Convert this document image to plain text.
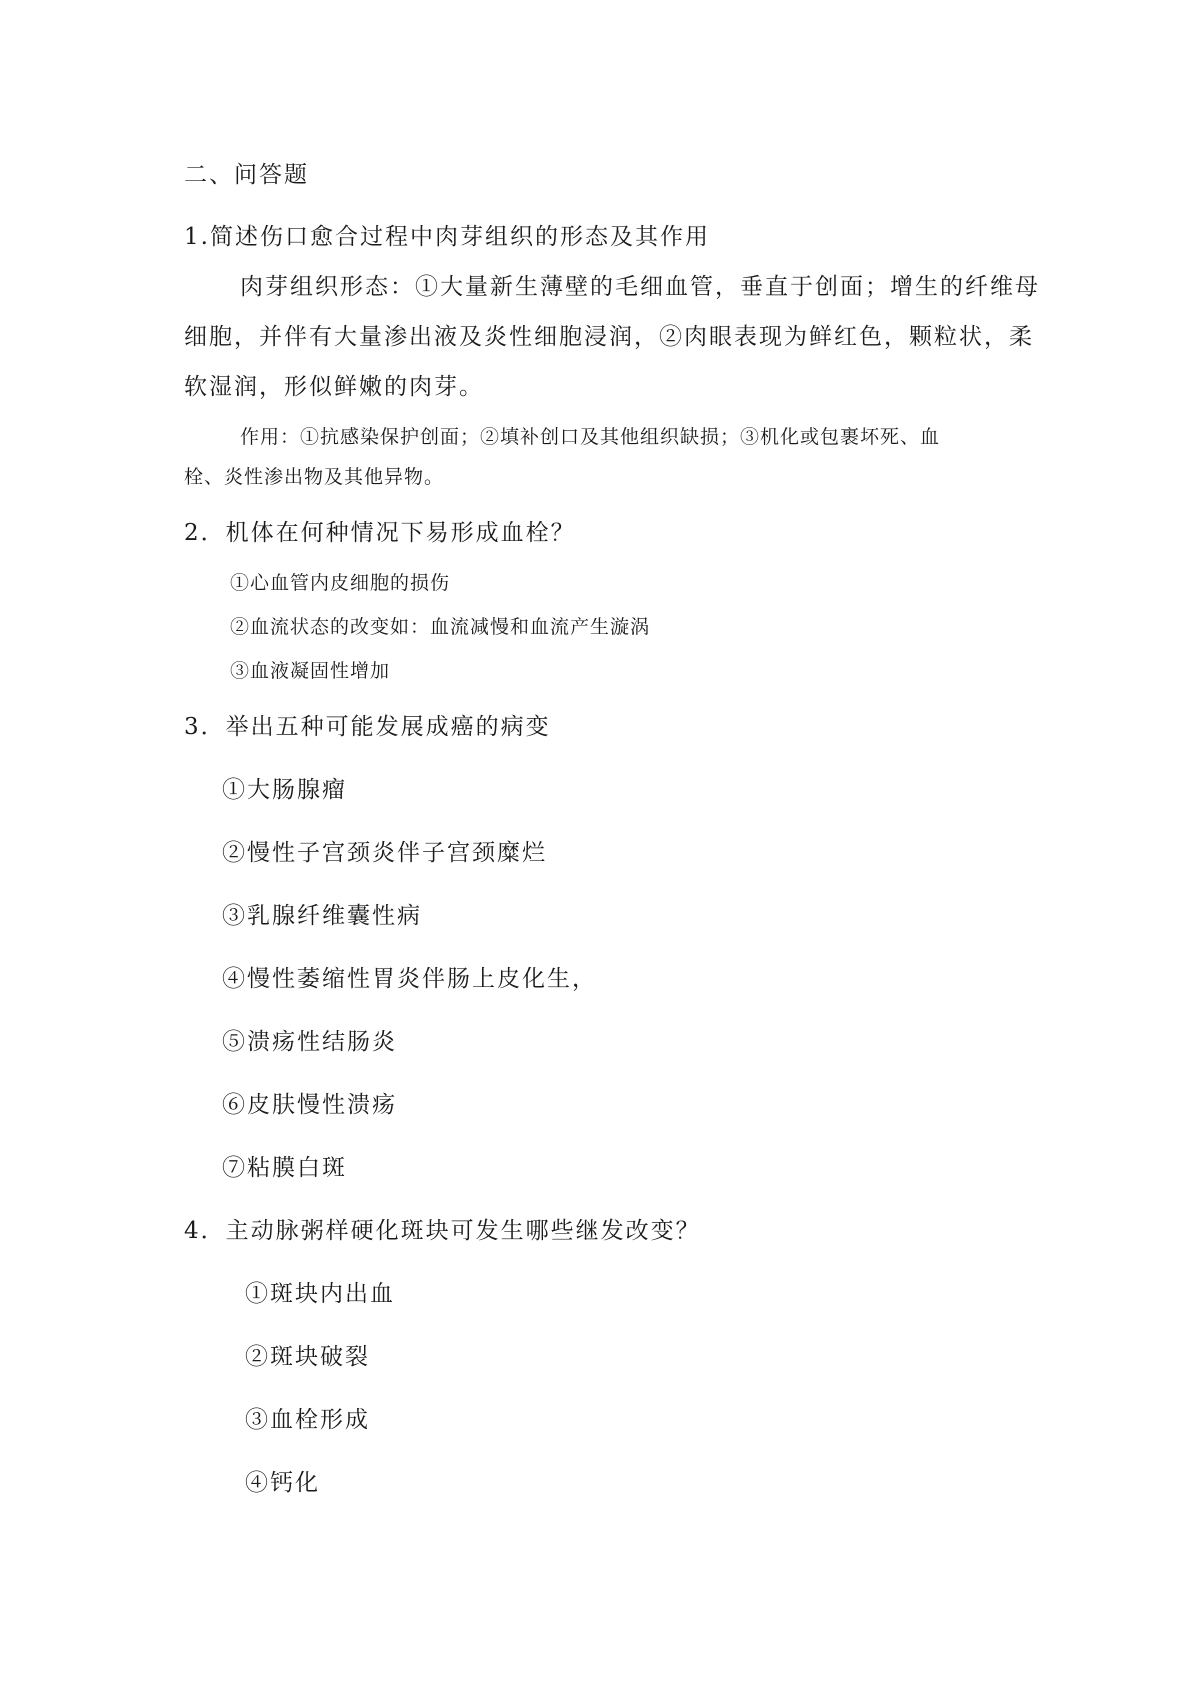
二、问答题

1.简述伤口愈合过程中肉芽组织的形态及其作用

肉芽组织形态：①大量新生薄壁的毛细血管，垂直于创面；增生的纤维母

细胞，并伴有大量渗出液及炎性细胞浸润，②肉眼表现为鲜红色，颗粒状，柔

软湿润，形似鲜嫩的肉芽。

作用：①抗感染保护创面；②填补创口及其他组织缺损；③机化或包裹坏死、血

栓、炎性渗出物及其他异物。

2．机体在何种情况下易形成血栓？

①心血管内皮细胞的损伤

②血流状态的改变如：血流减慢和血流产生漩涡

③血液凝固性增加

3．举出五种可能发展成癌的病变

①大肠腺瘤

②慢性子宫颈炎伴子宫颈糜烂

③乳腺纤维囊性病

④慢性萎缩性胃炎伴肠上皮化生，

⑤溃疡性结肠炎

⑥皮肤慢性溃疡

⑦粘膜白斑

4．主动脉粥样硬化斑块可发生哪些继发改变？

①斑块内出血

②斑块破裂

③血栓形成

④钙化
